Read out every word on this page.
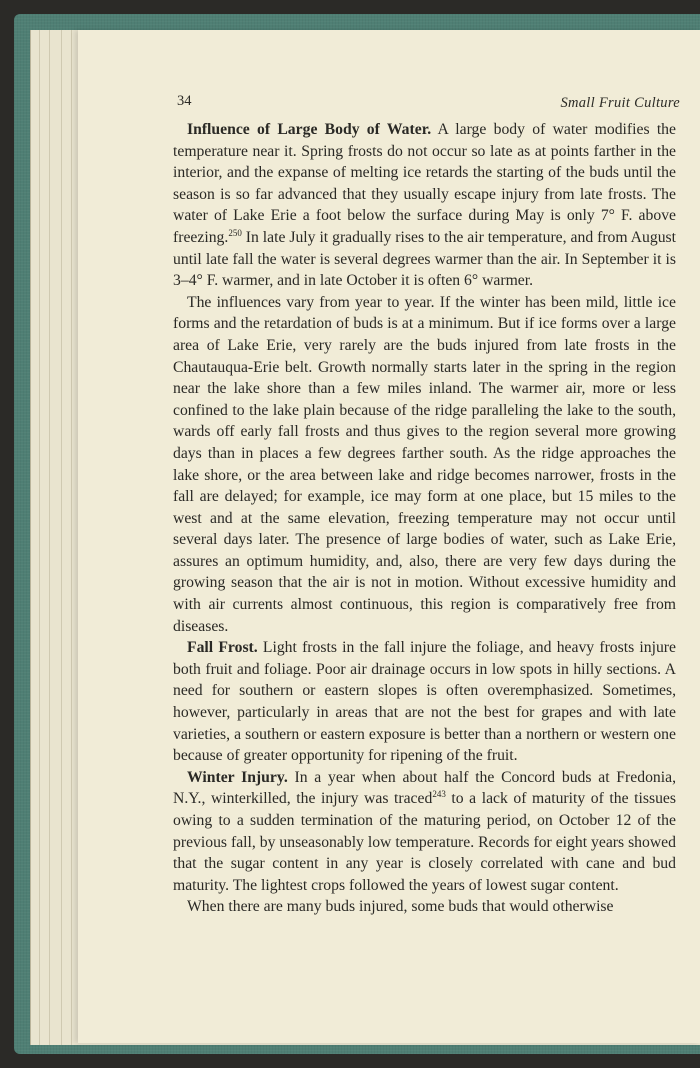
34	Small Fruit Culture

Influence of Large Body of Water. A large body of water modifies the temperature near it. Spring frosts do not occur so late as at points farther in the interior, and the expanse of melting ice retards the starting of the buds until the season is so far advanced that they usually escape injury from late frosts. The water of Lake Erie a foot below the surface during May is only 7° F. above freezing.$^{250}$ In late July it gradually rises to the air temperature, and from August until late fall the water is several degrees warmer than the air. In September it is 3–4° F. warmer, and in late October it is often 6° warmer.

The influences vary from year to year. If the winter has been mild, little ice forms and the retardation of buds is at a minimum. But if ice forms over a large area of Lake Erie, very rarely are the buds injured from late frosts in the Chautauqua-Erie belt. Growth normally starts later in the spring in the region near the lake shore than a few miles inland. The warmer air, more or less confined to the lake plain because of the ridge paralleling the lake to the south, wards off early fall frosts and thus gives to the region several more growing days than in places a few degrees farther south. As the ridge approaches the lake shore, or the area between lake and ridge becomes narrower, frosts in the fall are delayed; for example, ice may form at one place, but 15 miles to the west and at the same elevation, freezing temperature may not occur until several days later. The presence of large bodies of water, such as Lake Erie, assures an optimum humidity, and, also, there are very few days during the growing season that the air is not in motion. Without excessive humidity and with air currents almost continuous, this region is comparatively free from diseases.

Fall Frost. Light frosts in the fall injure the foliage, and heavy frosts injure both fruit and foliage. Poor air drainage occurs in low spots in hilly sections. A need for southern or eastern slopes is often overemphasized. Sometimes, however, particularly in areas that are not the best for grapes and with late varieties, a southern or eastern exposure is better than a northern or western one because of greater opportunity for ripening of the fruit.

Winter Injury. In a year when about half the Concord buds at Fredonia, N.Y., winterkilled, the injury was traced$^{243}$ to a lack of maturity of the tissues owing to a sudden termination of the maturing period, on October 12 of the previous fall, by unseasonably low temperature. Records for eight years showed that the sugar content in any year is closely correlated with cane and bud maturity. The lightest crops followed the years of lowest sugar content.

When there are many buds injured, some buds that would otherwise
